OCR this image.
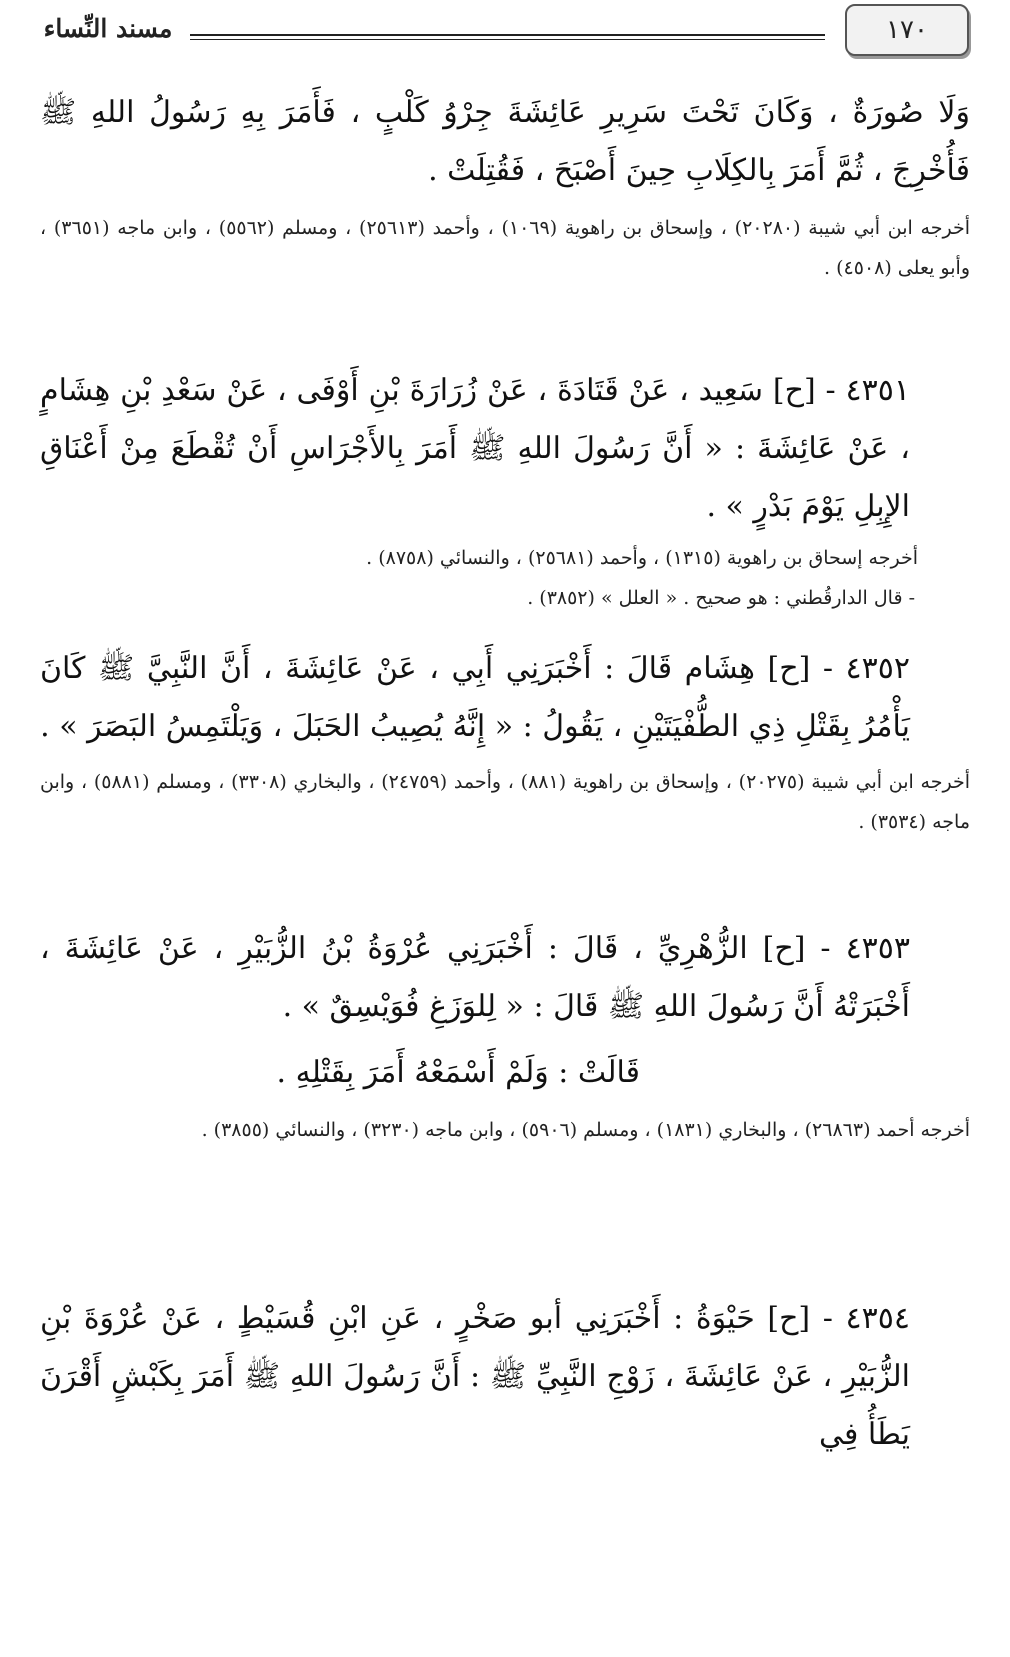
١٧٠
مسند النِّساء
وَلَا صُورَةٌ ، وَكَانَ تَحْتَ سَرِيرِ عَائِشَةَ جِرْوُ كَلْبٍ ، فَأَمَرَ بِهِ رَسُولُ اللهِ ﷺ فَأُخْرِجَ ، ثُمَّ أَمَرَ بِالكِلَابِ حِينَ أَصْبَحَ ، فَقُتِلَتْ .
أخرجه ابن أبي شيبة (٢٠٢٨٠) ، وإسحاق بن راهوية (١٠٦٩) ، وأحمد (٢٥٦١٣) ، ومسلم (٥٥٦٢) ، وابن ماجه (٣٦٥١) ، وأبو يعلى (٤٥٠٨) .
٤٣٥١ - [ح] سَعِيد ، عَنْ قَتَادَةَ ، عَنْ زُرَارَةَ بْنِ أَوْفَى ، عَنْ سَعْدِ بْنِ هِشَامٍ ، عَنْ عَائِشَةَ : « أَنَّ رَسُولَ اللهِ ﷺ أَمَرَ بِالأَجْرَاسِ أَنْ تُقْطَعَ مِنْ أَعْنَاقِ الإِبِلِ يَوْمَ بَدْرٍ » .
أخرجه إسحاق بن راهوية (١٣١٥) ، وأحمد (٢٥٦٨١) ، والنسائي (٨٧٥٨) .
- قال الدارقُطني : هو صحيح . « العلل » (٣٨٥٢) .
٤٣٥٢ - [ح] هِشَام قَالَ : أَخْبَرَنِي أَبِي ، عَنْ عَائِشَةَ ، أَنَّ النَّبِيَّ ﷺ كَانَ يَأْمُرُ بِقَتْلِ ذِي الطُّفْيَتَيْنِ ، يَقُولُ : « إِنَّهُ يُصِيبُ الحَبَلَ ، وَيَلْتَمِسُ البَصَرَ » .
أخرجه ابن أبي شيبة (٢٠٢٧٥) ، وإسحاق بن راهوية (٨٨١) ، وأحمد (٢٤٧٥٩) ، والبخاري (٣٣٠٨) ، ومسلم (٥٨٨١) ، وابن ماجه (٣٥٣٤) .
٤٣٥٣ - [ح] الزُّهْرِيِّ ، قَالَ : أَخْبَرَنِي عُرْوَةُ بْنُ الزُّبَيْرِ ، عَنْ عَائِشَةَ ، أَخْبَرَتْهُ أَنَّ رَسُولَ اللهِ ﷺ قَالَ : « لِلوَزَغِ فُوَيْسِقٌ » .
قَالَتْ : وَلَمْ أَسْمَعْهُ أَمَرَ بِقَتْلِهِ .
أخرجه أحمد (٢٦٨٦٣) ، والبخاري (١٨٣١) ، ومسلم (٥٩٠٦) ، وابن ماجه (٣٢٣٠) ، والنسائي (٣٨٥٥) .
٤٣٥٤ - [ح] حَيْوَةُ : أَخْبَرَنِي أبو صَخْرٍ ، عَنِ ابْنِ قُسَيْطٍ ، عَنْ عُرْوَةَ بْنِ الزُّبَيْرِ ، عَنْ عَائِشَةَ ، زَوْجِ النَّبِيِّ ﷺ : أَنَّ رَسُولَ اللهِ ﷺ أَمَرَ بِكَبْشٍ أَقْرَنَ يَطَأُ فِي
